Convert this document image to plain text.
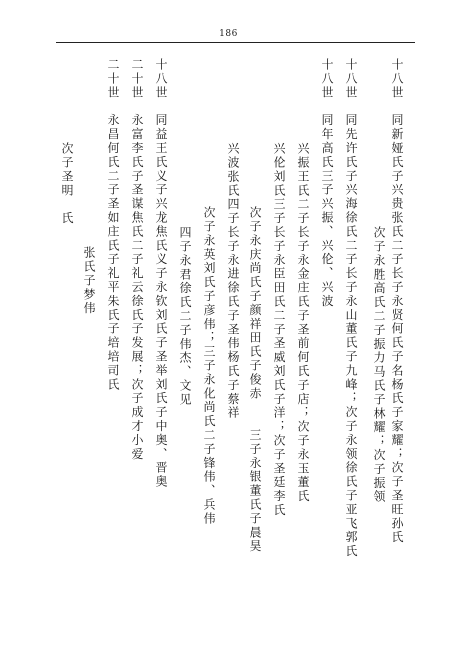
186
十八世　同新娅氏子兴贵张氏二子长子永贤何氏子名杨氏子家耀；次子圣旺孙氏
次子永胜高氏二子振力马氏子林耀；次子振领
十八世　同先许氏子兴海徐氏二子长子永山董氏子九峰；次子永领徐氏子亚飞郭氏
十八世　同年高氏三子兴振、兴伦、兴波
兴振王氏二子长子永金庄氏子圣前何氏子店；次子永玉董氏
兴伦刘氏三子长子永臣田氏二子圣威刘氏子洋；次子圣廷李氏
次子永庆尚氏子颜祥田氏子俊赤　　三子永银董氏子晨昊
兴波张氏四子长子永进徐氏子圣伟杨氏子蔡祥
次子永英刘氏子彦伟；三子永化尚氏二子锋伟、兵伟
四子永君徐氏二子伟杰、文见
十八世　同益王氏义子兴龙焦氏义子永钦刘氏子圣举刘氏子中奥、晋奥
二十世　永富李氏子圣谋焦氏二子礼云徐氏子发展；次子成才小爱
二十世　永昌何氏二子圣如庄氏子礼平朱氏子培培司氏
张氏子梦伟
次子圣明　氏
